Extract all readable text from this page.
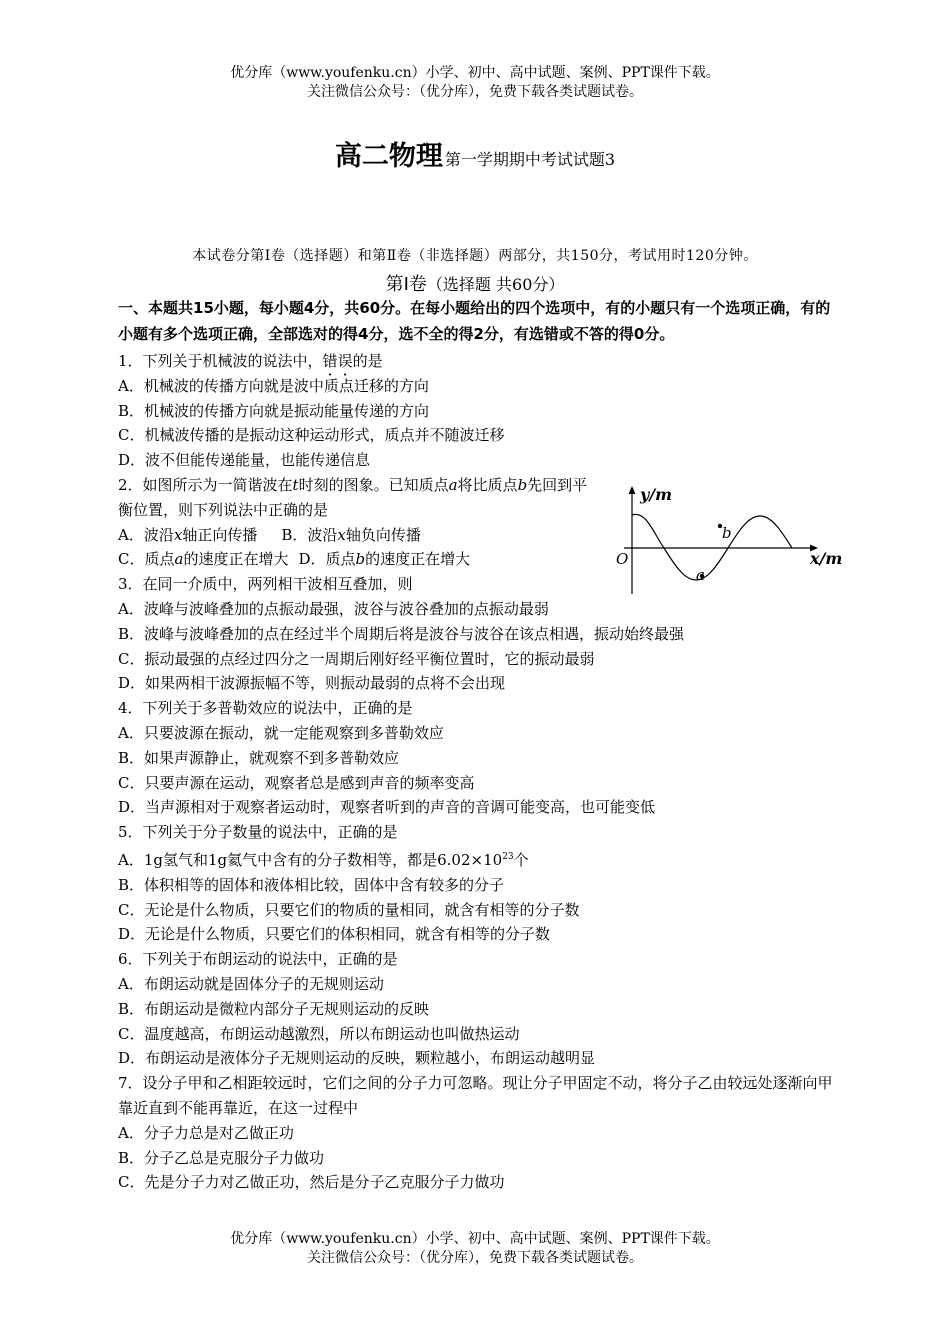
优分库（www.youfenku.cn）小学、初中、高中试题、案例、PPT课件下载。
关注微信公众号：（优分库），免费下载各类试题试卷。
高二物理 第一学期期中考试试题3
本试卷分第Ⅰ卷（选择题）和第Ⅱ卷（非选择题）两部分，共150分，考试用时120分钟。
第Ⅰ卷（选择题 共60分）
一、本题共15小题，每小题4分，共60分。在每小题给出的四个选项中，有的小题只有一个选项正确，有的小题有多个选项正确，全部选对的得4分，选不全的得2分，有选错或不答的得0分。
1．下列关于机械波的说法中，错误的是
A．机械波的传播方向就是波中质点迁移的方向
B．机械波的传播方向就是振动能量传递的方向
C．机械波传播的是振动这种运动形式，质点并不随波迁移
D．波不但能传递能量，也能传递信息
2．如图所示为一简谐波在t时刻的图象。已知质点a将比质点b先回到平衡位置，则下列说法中正确的是
A．波沿x轴正向传播 B．波沿x轴负向传播
C．质点a的速度正在增大 D．质点b的速度正在增大
3．在同一介质中，两列相干波相互叠加，则
A．波峰与波峰叠加的点振动最强，波谷与波谷叠加的点振动最弱
B．波峰与波峰叠加的点在经过半个周期后将是波谷与波谷在该点相遇，振动始终最强
C．振动最强的点经过四分之一周期后刚好经平衡位置时，它的振动最弱
D．如果两相干波源振幅不等，则振动最弱的点将不会出现
4．下列关于多普勒效应的说法中，正确的是
A．只要波源在振动，就一定能观察到多普勒效应
B．如果声源静止，就观察不到多普勒效应
C．只要声源在运动，观察者总是感到声音的频率变高
D．当声源相对于观察者运动时，观察者听到的声音的音调可能变高，也可能变低
5．下列关于分子数量的说法中，正确的是
A．1g氢气和1g氦气中含有的分子数相等，都是$6.02\times 10^{23}$个
B．体积相等的固体和液体相比较，固体中含有较多的分子
C．无论是什么物质，只要它们的物质的量相同，就含有相等的分子数
D．无论是什么物质，只要它们的体积相同，就含有相等的分子数
6．下列关于布朗运动的说法中，正确的是
A．布朗运动就是固体分子的无规则运动
B．布朗运动是微粒内部分子无规则运动的反映
C．温度越高，布朗运动越激烈，所以布朗运动也叫做热运动
D．布朗运动是液体分子无规则运动的反映，颗粒越小，布朗运动越明显
7．设分子甲和乙相距较远时，它们之间的分子力可忽略。现让分子甲固定不动，将分子乙由较远处逐渐向甲靠近直到不能再靠近，在这一过程中
A．分子力总是对乙做正功
B．分子乙总是克服分子力做功
C．先是分子力对乙做正功，然后是分子乙克服分子力做功
y/m
x/m
O
a
b
优分库（www.youfenku.cn）小学、初中、高中试题、案例、PPT课件下载。
关注微信公众号：（优分库），免费下载各类试题试卷。
